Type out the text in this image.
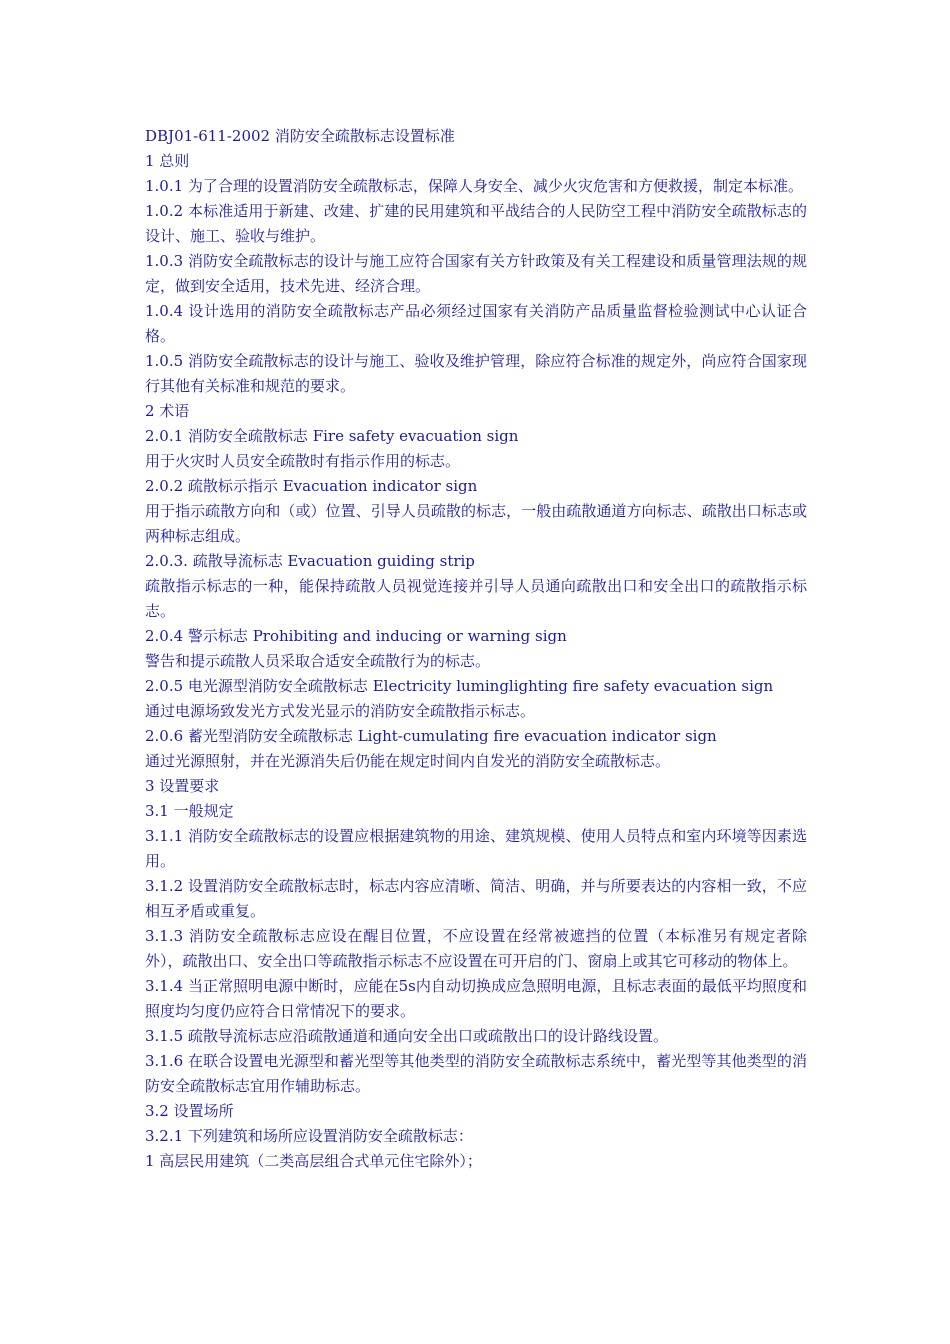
DBJ01-611-2002 消防安全疏散标志设置标准

1 总则

1.0.1 为了合理的设置消防安全疏散标志，保障人身安全、减少火灾危害和方便救援，制定本标准。

1.0.2 本标准适用于新建、改建、扩建的民用建筑和平战结合的人民防空工程中消防安全疏散标志的设计、施工、验收与维护。

1.0.3 消防安全疏散标志的设计与施工应符合国家有关方针政策及有关工程建设和质量管理法规的规定，做到安全适用，技术先进、经济合理。

1.0.4 设计选用的消防安全疏散标志产品必须经过国家有关消防产品质量监督检验测试中心认证合格。

1.0.5 消防安全疏散标志的设计与施工、验收及维护管理，除应符合标准的规定外，尚应符合国家现行其他有关标准和规范的要求。

2 术语

2.0.1 消防安全疏散标志 Fire safety evacuation sign

用于火灾时人员安全疏散时有指示作用的标志。

2.0.2 疏散标示指示 Evacuation indicator sign

用于指示疏散方向和（或）位置、引导人员疏散的标志，一般由疏散通道方向标志、疏散出口标志或两种标志组成。

2.0.3. 疏散导流标志 Evacuation guiding strip

疏散指示标志的一种，能保持疏散人员视觉连接并引导人员通向疏散出口和安全出口的疏散指示标志。

2.0.4 警示标志 Prohibiting and inducing or warning sign

警告和提示疏散人员采取合适安全疏散行为的标志。

2.0.5 电光源型消防安全疏散标志 Electricity luminglighting fire safety evacuation sign

通过电源场致发光方式发光显示的消防安全疏散指示标志。

2.0.6 蓄光型消防安全疏散标志 Light-cumulating fire evacuation indicator sign

通过光源照射，并在光源消失后仍能在规定时间内自发光的消防安全疏散标志。

3 设置要求

3.1 一般规定

3.1.1 消防安全疏散标志的设置应根据建筑物的用途、建筑规模、使用人员特点和室内环境等因素选用。

3.1.2 设置消防安全疏散标志时，标志内容应清晰、简洁、明确，并与所要表达的内容相一致，不应相互矛盾或重复。

3.1.3 消防安全疏散标志应设在醒目位置，不应设置在经常被遮挡的位置（本标准另有规定者除外），疏散出口、安全出口等疏散指示标志不应设置在可开启的门、窗扇上或其它可移动的物体上。

3.1.4 当正常照明电源中断时，应能在5s内自动切换成应急照明电源，且标志表面的最低平均照度和照度均匀度仍应符合日常情况下的要求。

3.1.5 疏散导流标志应沿疏散通道和通向安全出口或疏散出口的设计路线设置。

3.1.6 在联合设置电光源型和蓄光型等其他类型的消防安全疏散标志系统中，蓄光型等其他类型的消防安全疏散标志宜用作辅助标志。

3.2 设置场所

3.2.1 下列建筑和场所应设置消防安全疏散标志：

1 高层民用建筑（二类高层组合式单元住宅除外）；
